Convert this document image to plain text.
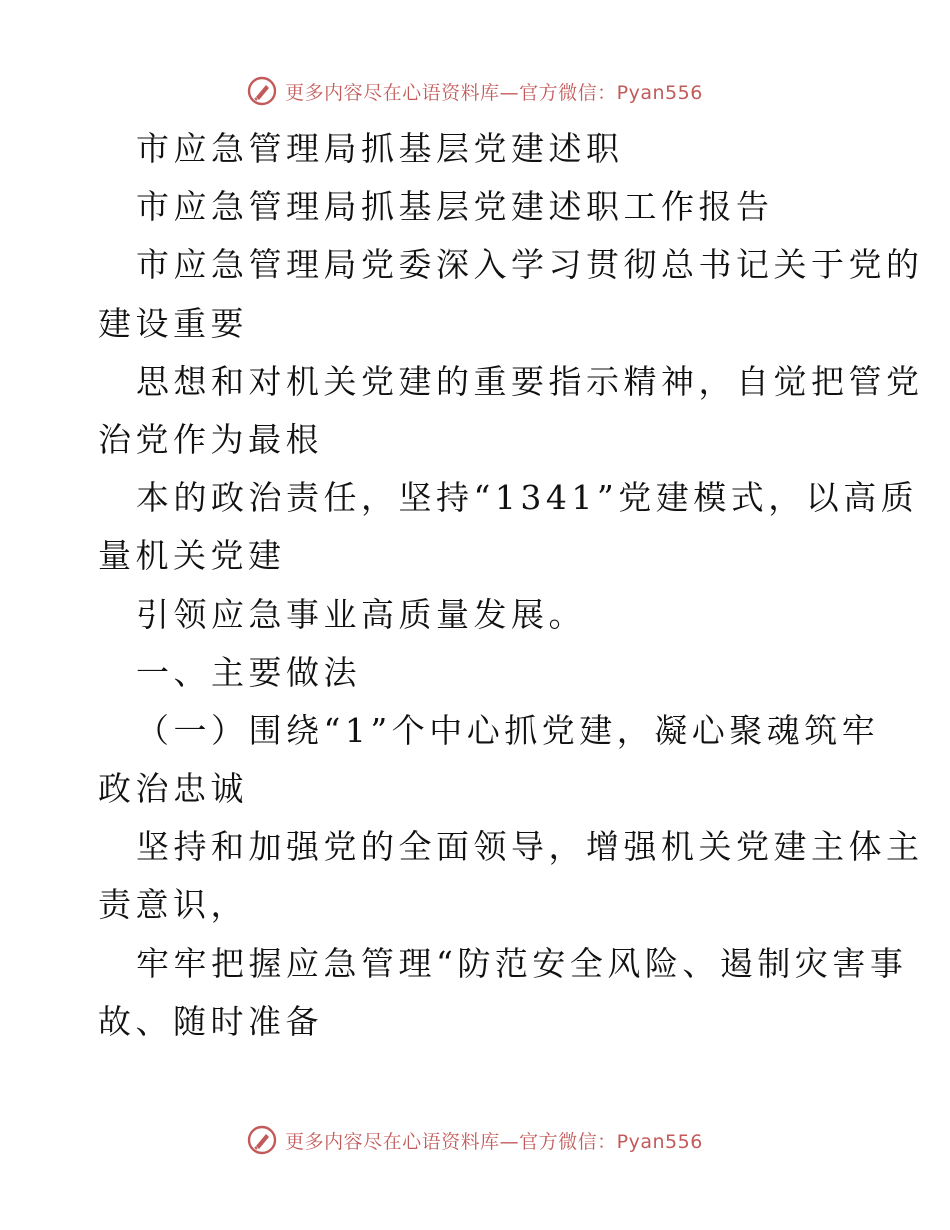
更多内容尽在心语资料库—官方微信：Pyan556
市应急管理局抓基层党建述职
市应急管理局抓基层党建述职工作报告
市应急管理局党委深入学习贯彻总书记关于党的
建设重要
思想和对机关党建的重要指示精神，自觉把管党
治党作为最根
本的政治责任，坚持“1341”党建模式，以高质
量机关党建
引领应急事业高质量发展。
一、主要做法
（一）围绕“1”个中心抓党建，凝心聚魂筑牢
政治忠诚
坚持和加强党的全面领导，增强机关党建主体主
责意识，
牢牢把握应急管理“防范安全风险、遏制灾害事
故、随时准备
更多内容尽在心语资料库—官方微信：Pyan556
